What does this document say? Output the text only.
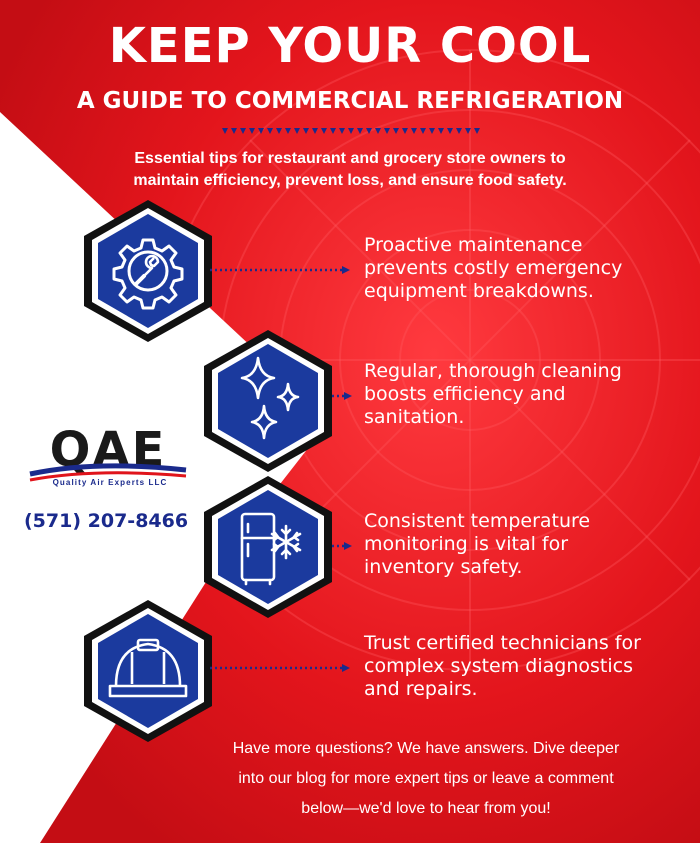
KEEP YOUR COOL
A GUIDE TO COMMERCIAL REFRIGERATION
Essential tips for restaurant and grocery store owners to
maintain efficiency, prevent loss, and ensure food safety.
Proactive maintenance
prevents costly emergency
equipment breakdowns.
Regular, thorough cleaning
boosts efficiency and
sanitation.
Consistent temperature
monitoring is vital for
inventory safety.
Trust certified technicians for
complex system diagnostics
and repairs.
QAE
Quality Air Experts LLC
(571) 207-8466
Have more questions? We have answers. Dive deeper
into our blog for more expert tips or leave a comment
below—we'd love to hear from you!
